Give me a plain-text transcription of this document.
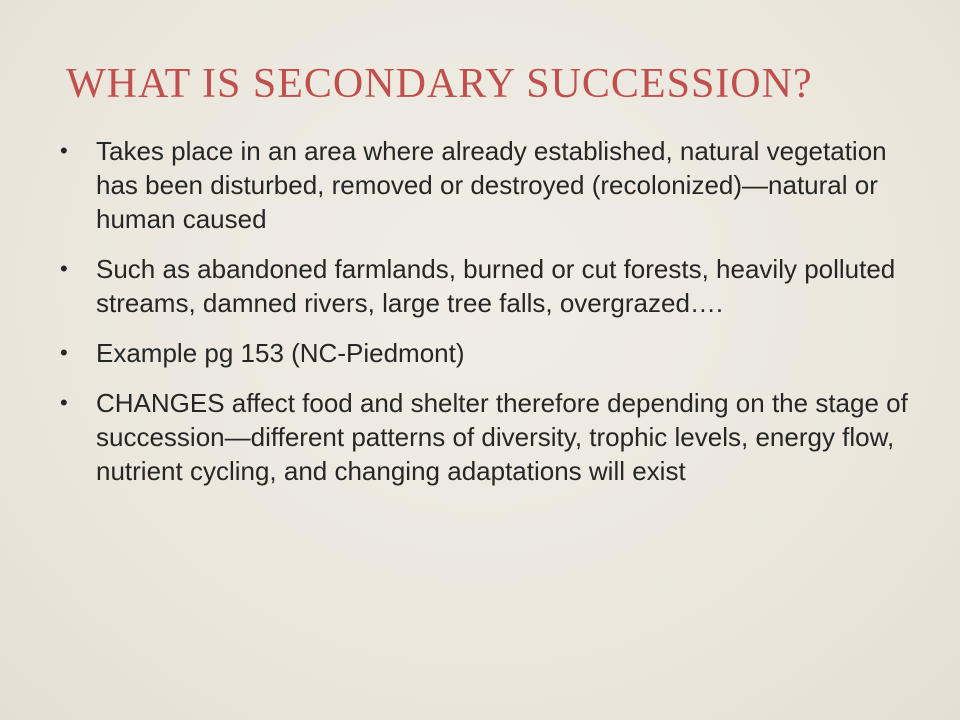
WHAT IS SECONDARY SUCCESSION?
• Takes place in an area where already established, natural vegetation has been disturbed, removed or destroyed (recolonized)—natural or human caused
• Such as abandoned farmlands, burned or cut forests, heavily polluted streams, damned rivers, large tree falls, overgrazed….
• Example pg 153 (NC-Piedmont)
• CHANGES affect food and shelter therefore depending on the stage of succession—different patterns of diversity, trophic levels, energy flow, nutrient cycling, and changing adaptations will exist
